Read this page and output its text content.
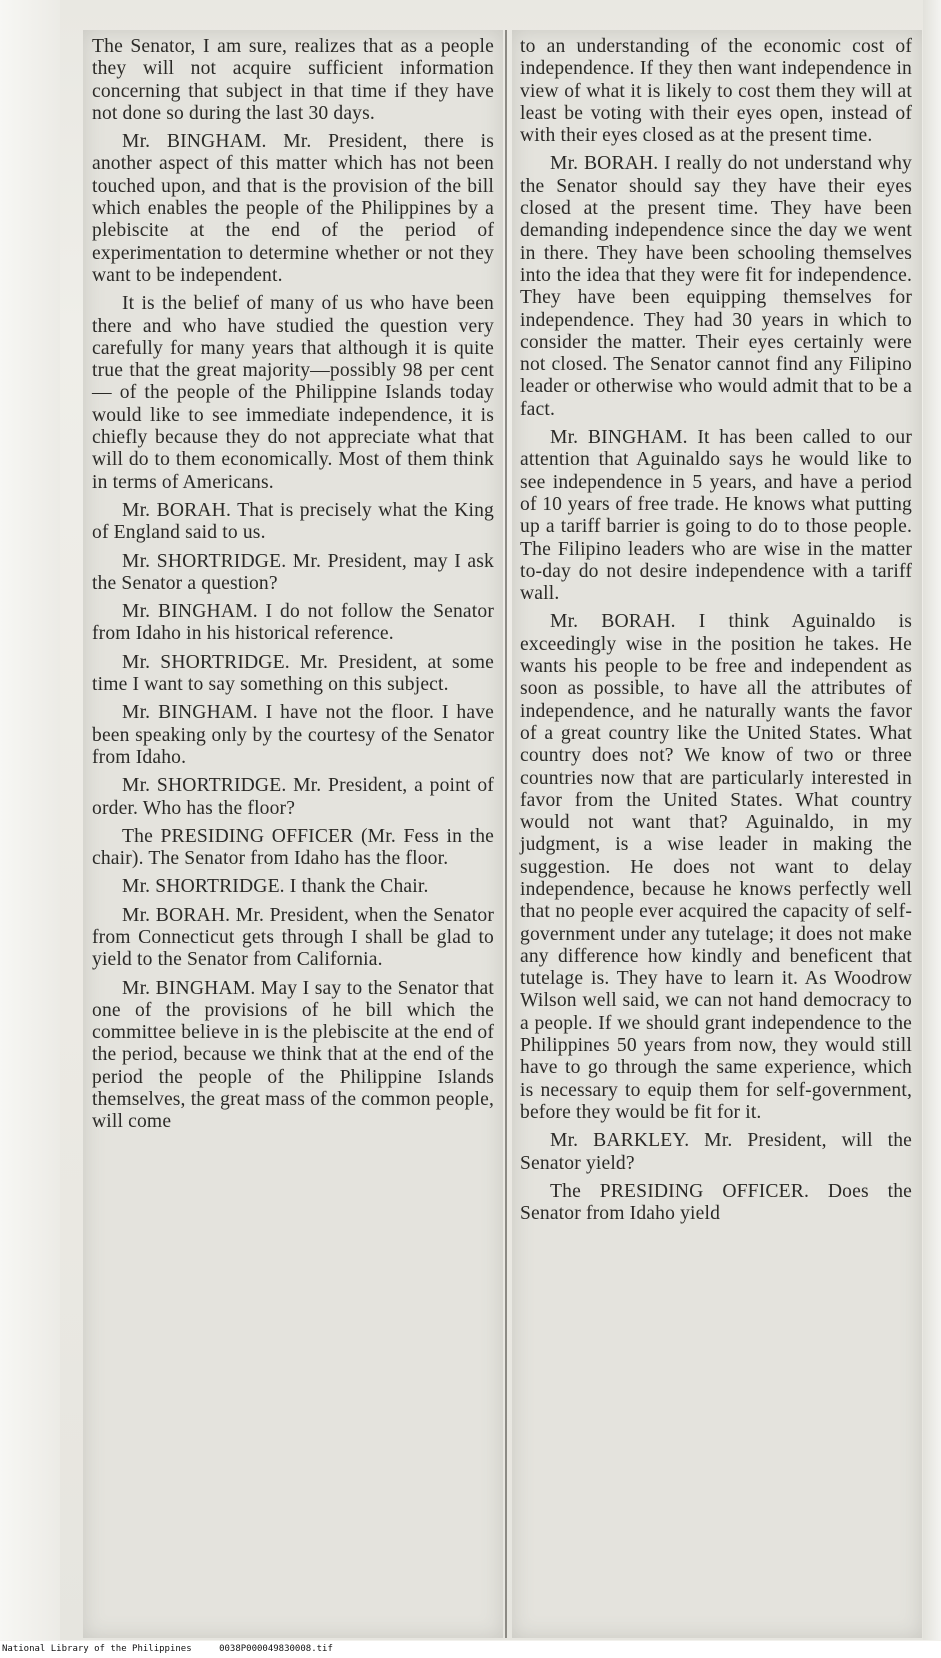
The Senator, I am sure, realizes that as a people they will not acquire sufficient information concerning that subject in that time if they have not done so during the last 30 days.

Mr. BINGHAM. Mr. President, there is another aspect of this matter which has not been touched upon, and that is the provision of the bill which enables the people of the Philippines by a plebiscite at the end of the period of experimentation to determine whether or not they want to be independent.

It is the belief of many of us who have been there and who have studied the question very carefully for many years that although it is quite true that the great majority—possibly 98 per cent — of the people of the Philippine Islands today would like to see immediate independence, it is chiefly because they do not appreciate what that will do to them economically. Most of them think in terms of Americans.

Mr. BORAH. That is precisely what the King of England said to us.

Mr. SHORTRIDGE. Mr. President, may I ask the Senator a question?

Mr. BINGHAM. I do not follow the Senator from Idaho in his historical reference.

Mr. SHORTRIDGE. Mr. President, at some time I want to say something on this subject.

Mr. BINGHAM. I have not the floor. I have been speaking only by the courtesy of the Senator from Idaho.

Mr. SHORTRIDGE. Mr. President, a point of order. Who has the floor?

The PRESIDING OFFICER (Mr. Fess in the chair). The Senator from Idaho has the floor.

Mr. SHORTRIDGE. I thank the Chair.

Mr. BORAH. Mr. President, when the Senator from Connecticut gets through I shall be glad to yield to the Senator from California.

Mr. BINGHAM. May I say to the Senator that one of the provisions of he bill which the committee believe in is the plebiscite at the end of the period, because we think that at the end of the period the people of the Philippine Islands themselves, the great mass of the common people, will come

to an understanding of the economic cost of independence. If they then want independence in view of what it is likely to cost them they will at least be voting with their eyes open, instead of with their eyes closed as at the present time.

Mr. BORAH. I really do not understand why the Senator should say they have their eyes closed at the present time. They have been demanding independence since the day we went in there. They have been schooling themselves into the idea that they were fit for independence. They have been equipping themselves for independence. They had 30 years in which to consider the matter. Their eyes certainly were not closed. The Senator cannot find any Filipino leader or otherwise who would admit that to be a fact.

Mr. BINGHAM. It has been called to our attention that Aguinaldo says he would like to see independence in 5 years, and have a period of 10 years of free trade. He knows what putting up a tariff barrier is going to do to those people. The Filipino leaders who are wise in the matter to-day do not desire independence with a tariff wall.

Mr. BORAH. I think Aguinaldo is exceedingly wise in the position he takes. He wants his people to be free and independent as soon as possible, to have all the attributes of independence, and he naturally wants the favor of a great country like the United States. What country does not? We know of two or three countries now that are particularly interested in favor from the United States. What country would not want that? Aguinaldo, in my judgment, is a wise leader in making the suggestion. He does not want to delay independence, because he knows perfectly well that no people ever acquired the capacity of self-government under any tutelage; it does not make any difference how kindly and beneficent that tutelage is. They have to learn it. As Woodrow Wilson well said, we can not hand democracy to a people. If we should grant independence to the Philippines 50 years from now, they would still have to go through the same experience, which is necessary to equip them for self-government, before they would be fit for it.

Mr. BARKLEY. Mr. President, will the Senator yield?

The PRESIDING OFFICER. Does the Senator from Idaho yield

National Library of the Philippines	0038P000049830008.tif
